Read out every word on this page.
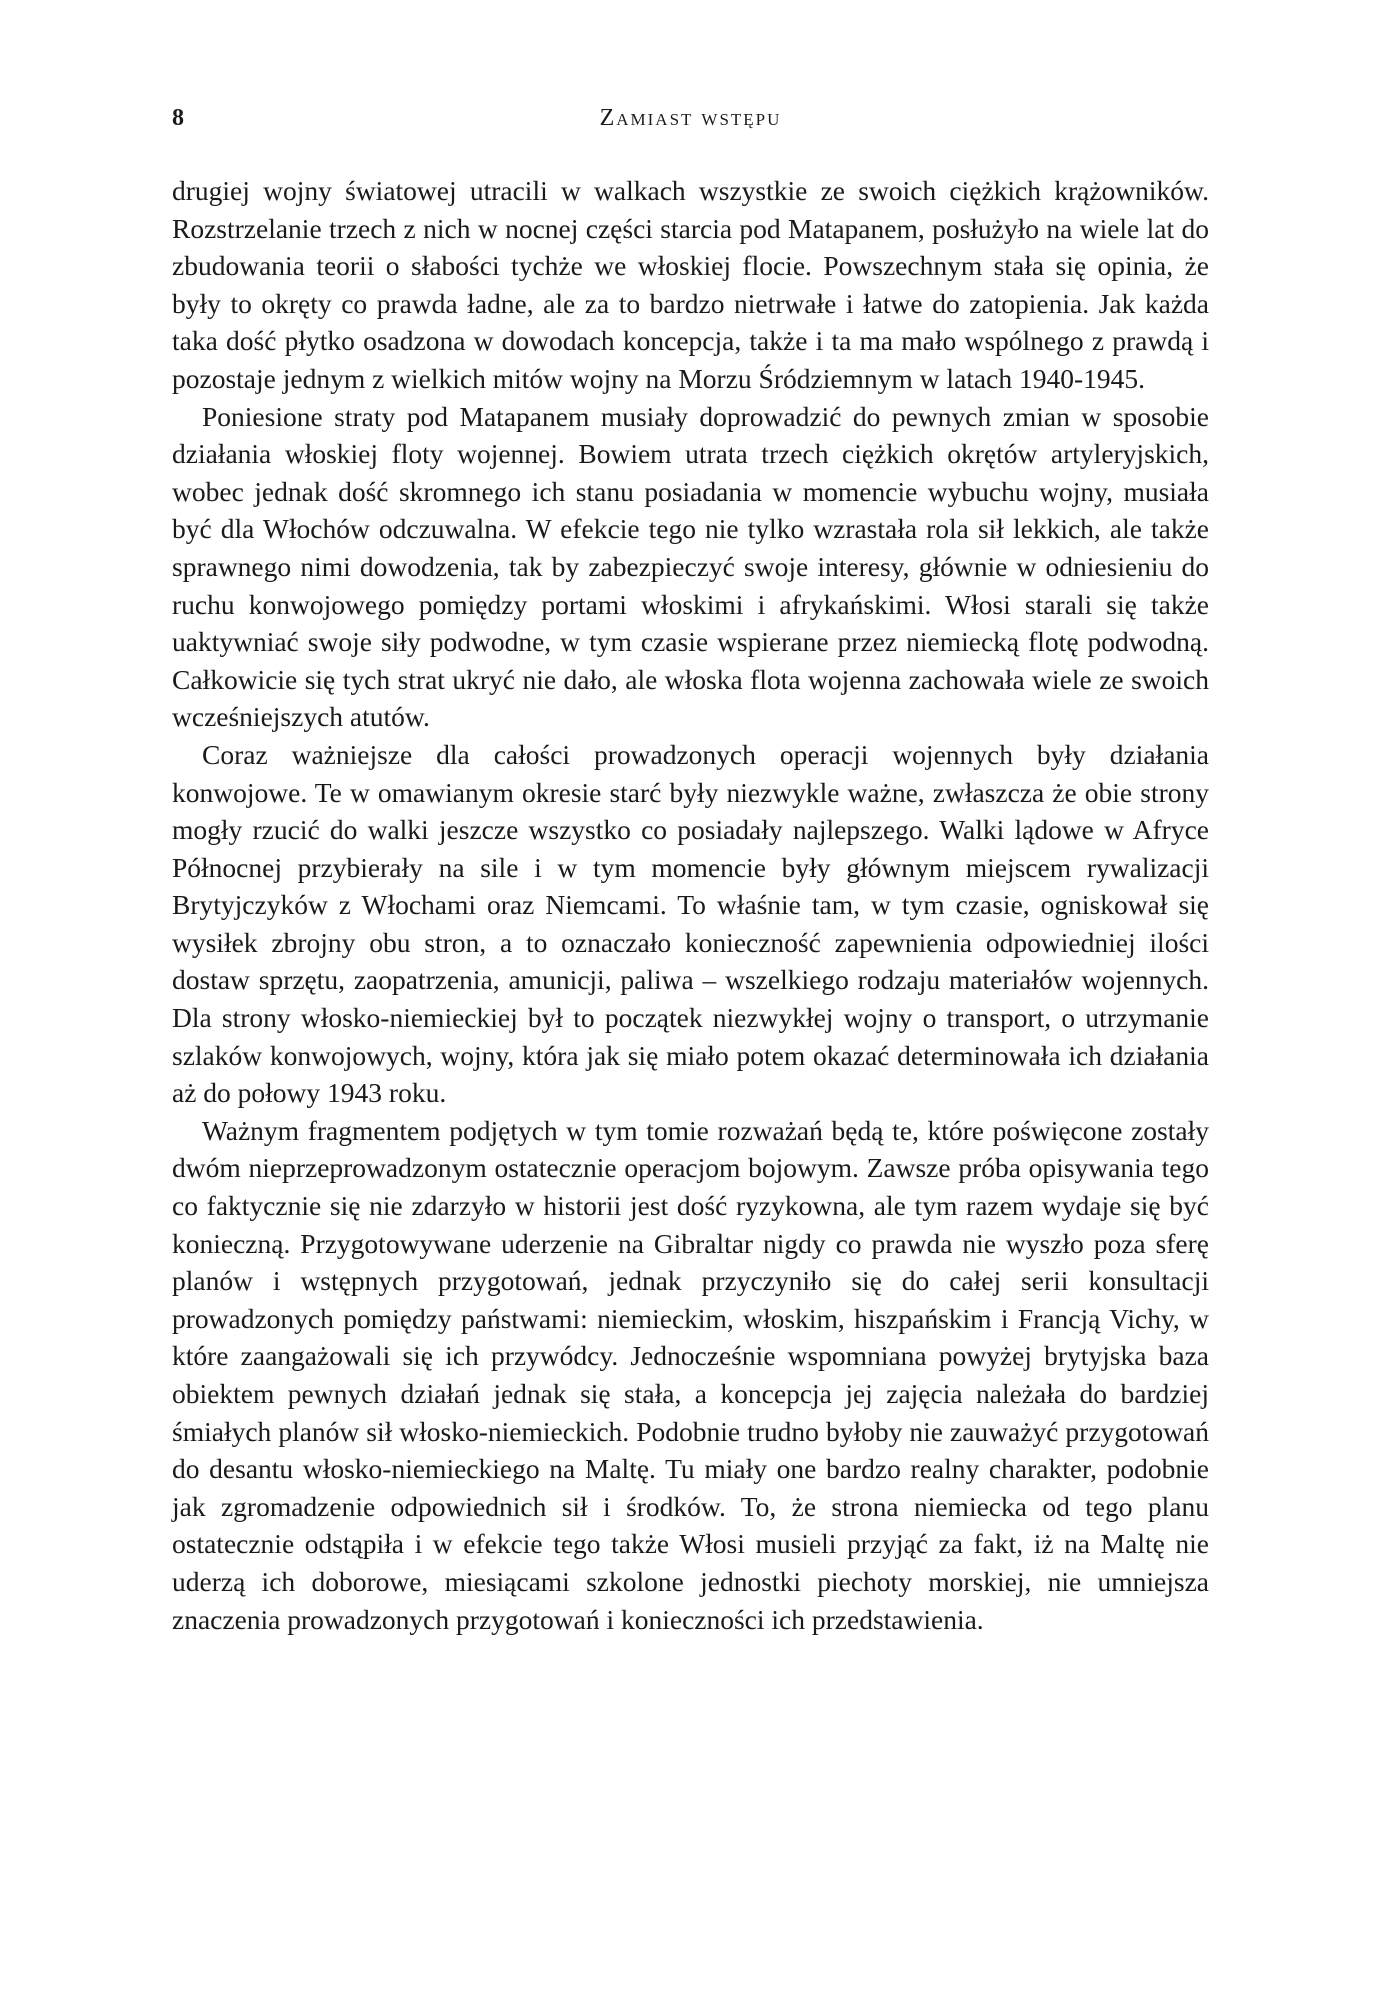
8	Zamiast wstępu

drugiej wojny światowej utracili w walkach wszystkie ze swoich ciężkich krążowników. Rozstrzelanie trzech z nich w nocnej części starcia pod Matapanem, posłużyło na wiele lat do zbudowania teorii o słabości tychże we włoskiej flocie. Powszechnym stała się opinia, że były to okręty co prawda ładne, ale za to bardzo nietrwałe i łatwe do zatopienia. Jak każda taka dość płytko osadzona w dowodach koncepcja, także i ta ma mało wspólnego z prawdą i pozostaje jednym z wielkich mitów wojny na Morzu Śródziemnym w latach 1940-1945.

Poniesione straty pod Matapanem musiały doprowadzić do pewnych zmian w sposobie działania włoskiej floty wojennej. Bowiem utrata trzech ciężkich okrętów artyleryjskich, wobec jednak dość skromnego ich stanu posiadania w momencie wybuchu wojny, musiała być dla Włochów odczuwalna. W efekcie tego nie tylko wzrastała rola sił lekkich, ale także sprawnego nimi dowodzenia, tak by zabezpieczyć swoje interesy, głównie w odniesieniu do ruchu konwojowego pomiędzy portami włoskimi i afrykańskimi. Włosi starali się także uaktywniać swoje siły podwodne, w tym czasie wspierane przez niemiecką flotę podwodną. Całkowicie się tych strat ukryć nie dało, ale włoska flota wojenna zachowała wiele ze swoich wcześniejszych atutów.

Coraz ważniejsze dla całości prowadzonych operacji wojennych były działania konwojowe. Te w omawianym okresie starć były niezwykle ważne, zwłaszcza że obie strony mogły rzucić do walki jeszcze wszystko co posiadały najlepszego. Walki lądowe w Afryce Północnej przybierały na sile i w tym momencie były głównym miejscem rywalizacji Brytyjczyków z Włochami oraz Niemcami. To właśnie tam, w tym czasie, ogniskował się wysiłek zbrojny obu stron, a to oznaczało konieczność zapewnienia odpowiedniej ilości dostaw sprzętu, zaopatrzenia, amunicji, paliwa – wszelkiego rodzaju materiałów wojennych. Dla strony włosko-niemieckiej był to początek niezwykłej wojny o transport, o utrzymanie szlaków konwojowych, wojny, która jak się miało potem okazać determinowała ich działania aż do połowy 1943 roku.

Ważnym fragmentem podjętych w tym tomie rozważań będą te, które poświęcone zostały dwóm nieprzeprowadzonym ostatecznie operacjom bojowym. Zawsze próba opisywania tego co faktycznie się nie zdarzyło w historii jest dość ryzykowna, ale tym razem wydaje się być konieczną. Przygotowywane uderzenie na Gibraltar nigdy co prawda nie wyszło poza sferę planów i wstępnych przygotowań, jednak przyczyniło się do całej serii konsultacji prowadzonych pomiędzy państwami: niemieckim, włoskim, hiszpańskim i Francją Vichy, w które zaangażowali się ich przywódcy. Jednocześnie wspomniana powyżej brytyjska baza obiektem pewnych działań jednak się stała, a koncepcja jej zajęcia należała do bardziej śmiałych planów sił włosko-niemieckich. Podobnie trudno byłoby nie zauważyć przygotowań do desantu włosko-niemieckiego na Maltę. Tu miały one bardzo realny charakter, podobnie jak zgromadzenie odpowiednich sił i środków. To, że strona niemiecka od tego planu ostatecznie odstąpiła i w efekcie tego także Włosi musieli przyjąć za fakt, iż na Maltę nie uderzą ich doborowe, miesiącami szkolone jednostki piechoty morskiej, nie umniejsza znaczenia prowadzonych przygotowań i konieczności ich przedstawienia.
